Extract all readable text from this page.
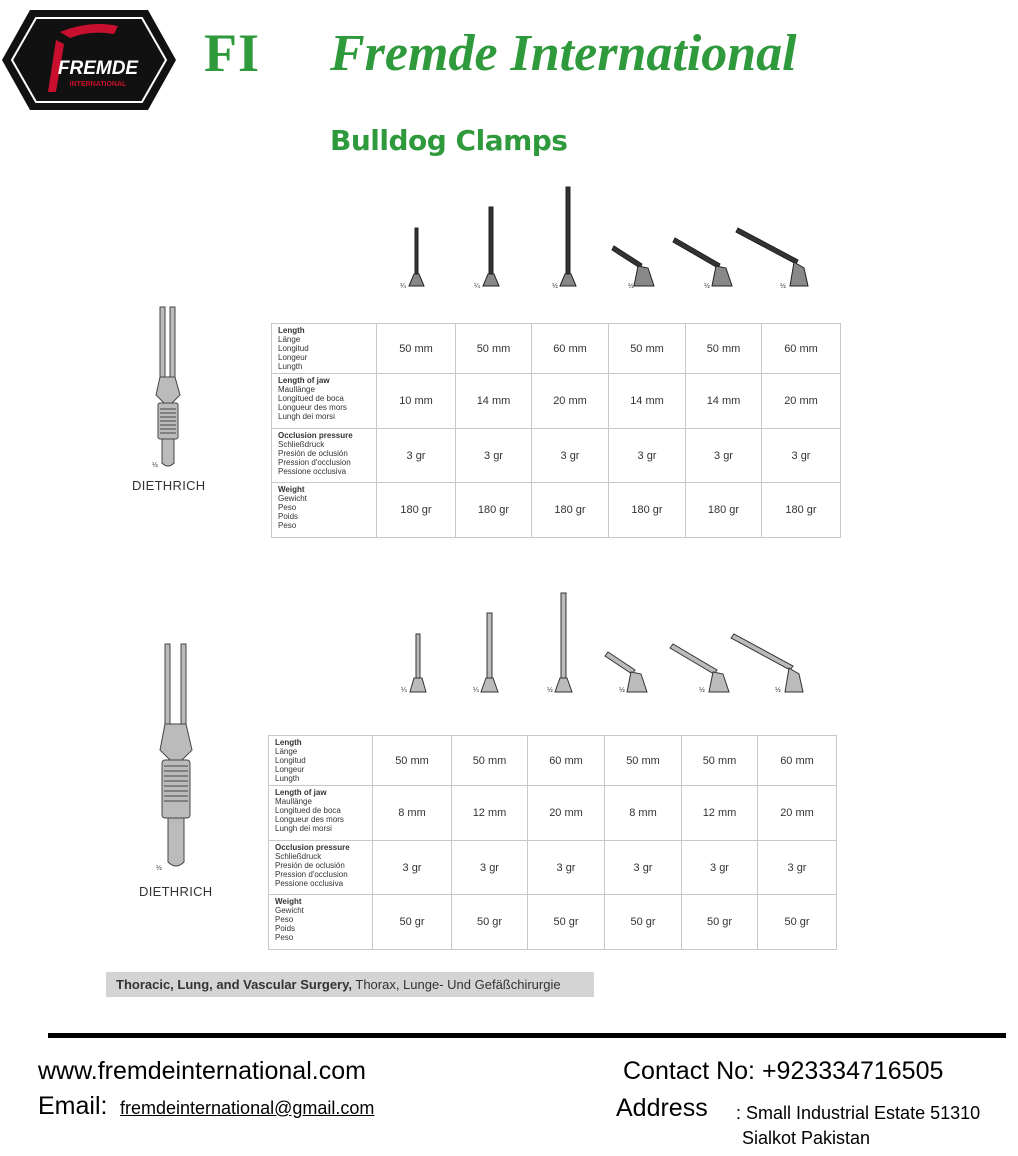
FREMDE
INTERNATIONAL
FI Fremde International
Bulldog Clamps
¼	¼	½	½	½	½
½
DIETHRICH
Length
Länge
Longitud
Longeur
Lungth	50 mm	50 mm	60 mm	50 mm	50 mm	60 mm

Length of jaw
Maullänge
Longitued de boca
Longueur des mors
Lungh dei morsi	10 mm	14 mm	20 mm	14 mm	14 mm	20 mm

Occlusion pressure
Schließdruck
Presión de oclusión
Pression d'occlusion
Pessione occlusiva	3 gr	3 gr	3 gr	3 gr	3 gr	3 gr

Weight
Gewicht
Peso
Poids
Peso	180 gr	180 gr	180 gr	180 gr	180 gr	180 gr
¼	¼	½	½	½	½
½
DIETHRICH
Length
Länge
Longitud
Longeur
Lungth	50 mm	50 mm	60 mm	50 mm	50 mm	60 mm

Length of jaw
Maullänge
Longitued de boca
Longueur des mors
Lungh dei morsi	8 mm	12 mm	20 mm	8 mm	12 mm	20 mm

Occlusion pressure
Schließdruck
Presión de oclusión
Pression d'occlusion
Pessione occlusiva	3 gr	3 gr	3 gr	3 gr	3 gr	3 gr

Weight
Gewicht
Peso
Poids
Peso	50 gr	50 gr	50 gr	50 gr	50 gr	50 gr
Thoracic, Lung, and Vascular Surgery, Thorax, Lunge- Und Gefäßchirurgie
www.fremdeinternational.com
Email: fremdeinternational@gmail.com
Contact No: +923334716505
Address : Small Industrial Estate 51310
Sialkot Pakistan
